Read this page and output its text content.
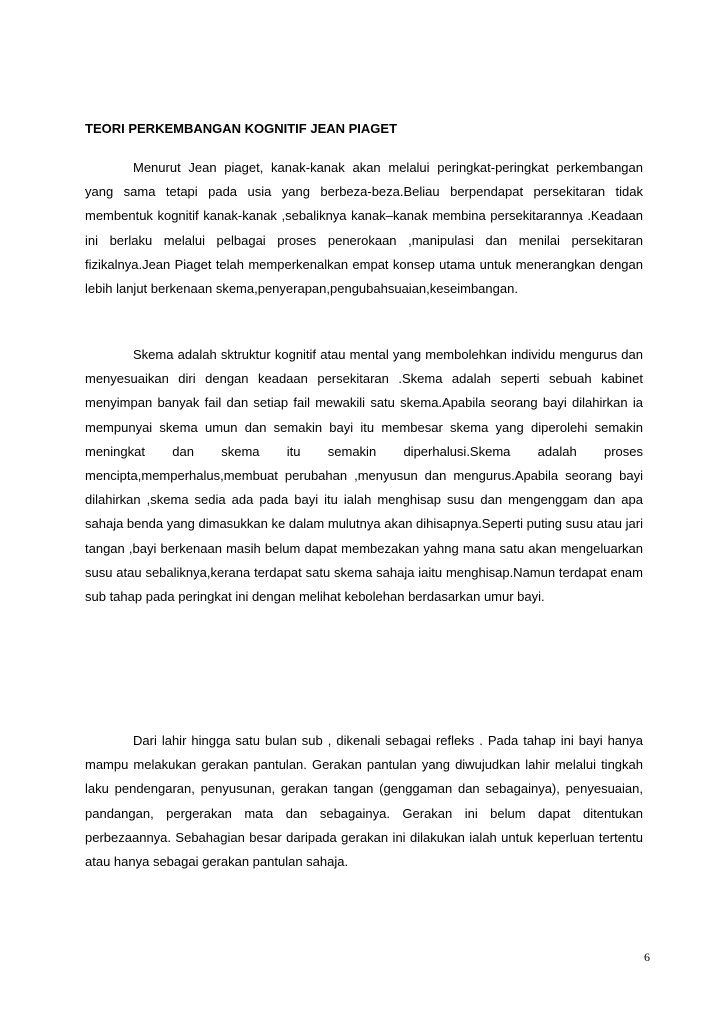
TEORI PERKEMBANGAN KOGNITIF JEAN PIAGET

Menurut Jean piaget, kanak-kanak akan melalui peringkat-peringkat perkembangan yang sama tetapi pada usia yang berbeza-beza.Beliau berpendapat persekitaran tidak membentuk kognitif kanak-kanak ,sebaliknya kanak–kanak membina persekitarannya .Keadaan ini berlaku melalui pelbagai proses penerokaan ,manipulasi dan menilai persekitaran fizikalnya.Jean Piaget telah memperkenalkan empat konsep utama untuk menerangkan dengan lebih lanjut berkenaan skema,penyerapan,pengubahsuaian,keseimbangan.

Skema adalah sktruktur kognitif atau mental yang membolehkan individu mengurus dan menyesuaikan diri dengan keadaan persekitaran .Skema adalah seperti sebuah kabinet menyimpan banyak fail dan setiap fail mewakili satu skema.Apabila seorang bayi dilahirkan ia mempunyai skema umun dan semakin bayi itu membesar skema yang diperolehi semakin meningkat dan skema itu semakin diperhalusi.Skema adalah proses mencipta,memperhalus,membuat perubahan ,menyusun dan mengurus.Apabila seorang bayi dilahirkan ,skema sedia ada pada bayi itu ialah menghisap susu dan mengenggam dan apa sahaja benda yang dimasukkan ke dalam mulutnya akan dihisapnya.Seperti puting susu atau jari tangan ,bayi berkenaan masih belum dapat membezakan yahng mana satu akan mengeluarkan susu atau sebaliknya,kerana terdapat satu skema sahaja iaitu menghisap.Namun terdapat enam sub tahap pada peringkat ini dengan melihat kebolehan berdasarkan umur bayi.

Dari lahir hingga satu bulan sub , dikenali sebagai refleks . Pada tahap ini bayi hanya mampu melakukan gerakan pantulan. Gerakan pantulan yang diwujudkan lahir melalui tingkah laku pendengaran, penyusunan, gerakan tangan (genggaman dan sebagainya), penyesuaian, pandangan, pergerakan mata dan sebagainya. Gerakan ini belum dapat ditentukan perbezaannya. Sebahagian besar daripada gerakan ini dilakukan ialah untuk keperluan tertentu atau hanya sebagai gerakan pantulan sahaja.

6
